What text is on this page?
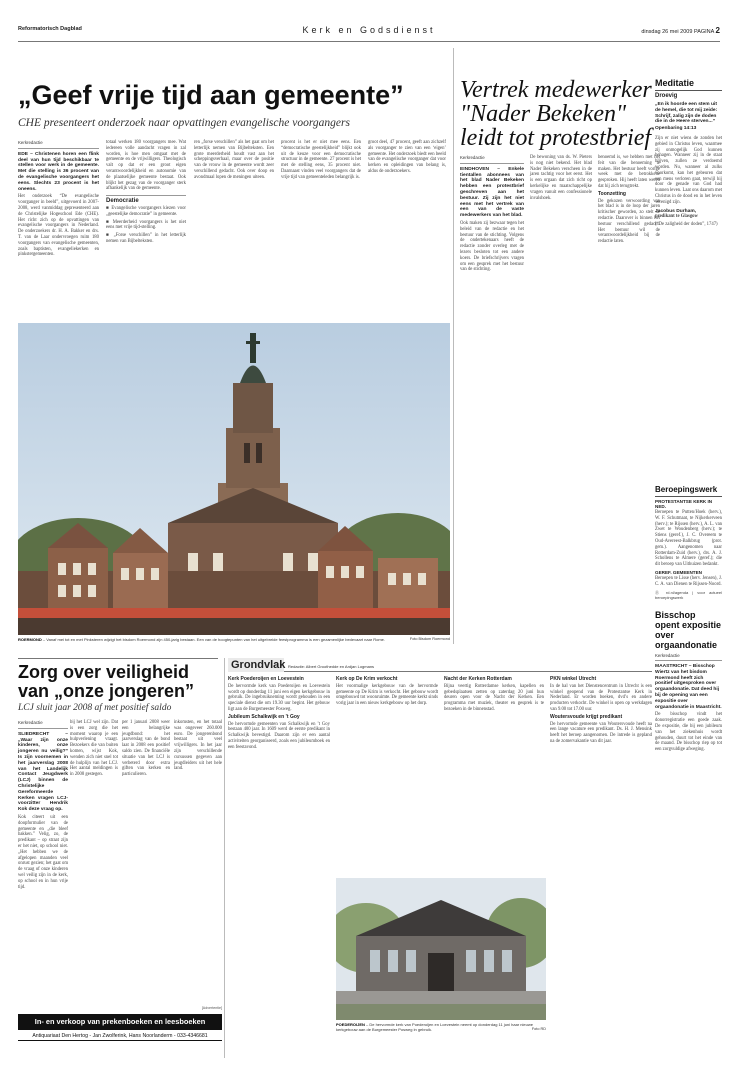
Reformatorisch Dagblad	Kerk en Godsdienst	dinsdag 26 mei 2009 PAGINA 2
„Geef vrije tijd aan gemeente”
CHE presenteert onderzoek naar opvattingen evangelische voorgangers
Kerkredactie

EDE – Christenen horen een flink deel van hun tijd beschikbaar te stellen voor werk in de gemeente. Met die stelling is 36 procent van de evangelische voorgangers het eens. Slechts 23 procent is het oneens.

Het onderzoek “De evangelische voorganger in beeld”, uitgevoerd in 2007-2008, werd vanmiddag gepresenteerd aan de Christelijke Hogeschool Ede (CHE). Het richt zich op de opvattingen van evangelische voorgangers in Nederland. De onderzoekers dr. H. A. Bakker en drs. T. van de Laar ondervroegen ruim 180 voorgangers van evangelische gemeenten, zoals baptisten, evangeliekerken en pinkstergemeenten.

totaal werken 180 voorgangers mee. Wat iedereen volle aandacht vragen in zal worden, is hoe men omgaat met de gemeente en de vrijwilligers. Theologisch valt op dat er een groot eigen verantwoordelijkheid en autonomie van de plaatselijke gemeente bestaat. Ook blijkt het gezag van de voorganger sterk afhankelijk van de gemeente.

Democratie

■ Evangelische voorgangers kiezen voor „geestelijke democratie” in gemeente.

■ Meerderheid voorgangers is het niet eens met vrije tijd-stelling.

■ „Forse verschillen” in het letterlijk nemen van Bijbelteksten.

ren „forse verschillen” als het gaat om het letterlijk nemen van Bijbelteksten. Een grote meerderheid houdt vast aan het scheppingsverhaal, maar over de positie van de vrouw in de gemeente wordt zeer verschillend gedacht. Ook over doop en avondmaal lopen de meningen uiteen.

procent is het er niet mee eens. Een “democratische geestelijkheid” blijkt ook uit de keuze voor een democratische structuur in de gemeente. 27 procent is het met de stelling eens, 35 procent niet. Daarnaast vinden veel voorgangers dat de vrije tijd van gemeenteleden belangrijk is.

groot deel, 47 procent, geeft aan zichzelf als voorganger te zien van een ‘eigen’ gemeente. Het onderzoek biedt een beeld van de evangelische voorganger dat voor kerken en opleidingen van belang is, aldus de onderzoekers.

ROERMOND – Vanaf mei tot en met Pinksteren wijzigt het bisdom Roermond zijn 450-jarig bestaan. Een van de hoogtepunten van het uitgebreide feestprogramma is een gezamenlijke bedevaart naar Rome.	Foto Bisdom Roermond
Vertrek medewerker "Nader Bekeken" leidt tot protestbrief
Kerkredactie

EINDHOVEN – Enkele tientallen abonnees van het blad Nader Bekeken hebben een protestbrief geschreven aan het bestuur. Zij zijn het niet eens met het vertrek van een van de vaste medewerkers van het blad.

Ook maken zij bezwaar tegen het beleid van de redactie en het bestuur van de stichting. Volgens de ondertekenaars heeft de redactie zonder overleg met de lezers besloten tot een andere koers. De briefschrijvers vragen om een gesprek met het bestuur van de stichting.

De bewoning van ds. W. Pieters is nog niet bekend. Het blad Nader Bekeken verscheen in de jaren tachtig voor het eerst. Het is een orgaan dat zich richt op kerkelijke en maatschappelijke vragen vanuit een confessionele invalshoek.

benoemd is, we hebben met het feit van die benoeming te maken. Het bestuur heeft vorige week met de betrokkene gesproken. Hij heeft laten weten dat hij zich terugtrekt.

Toonzetting

De gekozen verwoording van het blad is in de loop der jaren kritischer geworden, zo stelt de redactie. Daarover is binnen het bestuur verschillend gedacht. Het bestuur wil de verantwoordelijkheid bij de redactie laten.

Meditatie
Droevig

„En ik hoorde een stem uit de hemel, die tot mij zeide: Schrijf, zalig zijn de doden die in de Heere sterven...”

Openbaring 14:13

Zijn er niet wiens de zonden het gebied in Christus leven, waarmee zij onmogelijk God kunnen behagen. Wanneer zij in de staat blijven, zullen ze verdoemd worden. Nu, wanneer al zulks voorkomt, kan het gebeuren dat een mens verloren gaat, terwijl hij door de genade van God had kunnen leven. Laat ons daarom met Christus in de dood en in het leven verenigd zijn.

Jacobus Durham,

predikant te Glasgow

(“De zaligheid der doden”, 1747)

Beroepingswerk
PROTESTANTSE KERK IN NED.

Beroepen te Putten/Hoek (herv.), W. F. Schutmaat, te Nijkerkerveen (herv.); te Rijssen (herv.), A. L. van Zwet te Woudenberg (herv.); te Stiens (geref.), J. C. Overeem te Oud-Avereest-Balkbrug (prot. gem.). Aangenomen naar Rotterdam-Zuid (herv.), drs. A. J. Schollens te Almere (geref.); die dit beroep van Uithuizen bedankt.

GEREF. GEMEENTEN

Beroepen te Lisse (herv. Jensen), J. C. A. van Dienen te Rijssen-Noord.

Ⓡ rd.nl/agenda | voor actueel beroepingswerk

Bisschop opent expositie over orgaandonatie
Kerkredactie

MAASTRICHT – Bisschop Wiertz van het bisdom Roermond heeft zich positief uitgesproken over orgaandonatie. Dat deed hij bij de opening van een expositie over orgaandonatie in Maastricht.

De bisschop vindt het donorregistratie een goede zaak. De expositie, die bij een jubileum van het ziekenhuis wordt gehouden, duurt tot het einde van de maand. De bisschop riep op tot een zorgvuldige afweging.

Zorg over veiligheid van „onze jongeren”
LCJ sluit jaar 2008 af met positief saldo
Kerkredactie

SLIEDRECHT – „Waar zijn onze kinderen, onze jongeren nu veilig?” Is zijn voornemen in het jaarverslag 2008 van het Landelijk Contact Jeugdwerk (LCJ) binnen de Christelijke Gereformeerde Kerken vragen LCJ-voorzitter Hendrik Kok deze vraag op.

Kok citeert uit een doopformulier van de gemeente en „die bleef bakken.” Velig, zo, de predikant – op straat zijn er het niet, op school niet. „Het hebben we de afgelopen maanden veel onrust gezien; het gaat om de vraag of onze kinderen wel veilig zijn in de kerk, op school en in hun vrije tijd.

bij het LCJ wel zijn. Dat is een zorg die het moment waarop je een hulpverlening vraagt. Bezoekers die van buiten komen, wijst Kok, wenden zich niet snel tot de hulplijn van het LCJ. Het aantal meldingen is in 2008 gestegen.

per 1 januari 2008 weer een belangrijke jeugdbond: het jaarverslag van de bond laat in 2008 een positief saldo zien. De financiële situatie van het LCJ is verbeterd door extra giften van kerken en particulieren.

inkomsten, en het totaal was ongeveer 260.000 euro. De jongerenbond bestaat uit veel vrijwilligers. In het jaar zijn verschillende cursussen gegeven aan jeugdleiders uit het hele land.

[Advertentie]
In- en verkoop van prekenboeken en leesboeken
Antiquariaat Den Hertog - Jan Zwolferink, Hans Noorlanderm - 033-4346681
Grondvlak Redactie: Albert Groothedde en Ardjan Logmans
Kerk Poederoijen en Loevestein

De hervormde kerk van Poederoijen en Loevestein wordt op donderdag 11 juni een eigen kerkgebouw in gebruik. De ingebruikneming wordt gehouden in een speciale dienst die om 19.30 uur begint. Het gebouw ligt aan de Burgemeester Posweg.

Jubileum Schalkwijk en ’t Goy

De hervormde gemeenten van Schalkwijk en ’t Goy bestaan 400 jaar. In 1609 werd de eerste predikant in Schalkwijk bevestigd. Daarom zijn er een aantal activiteiten georganiseerd, zoals een jubileumboek en een feestavond.

Kerk op De Krim verkocht

Het voormalige kerkgebouw van de hervormde gemeente op De Krim is verkocht. Het gebouw wordt omgebouwd tot woonruimte. De gemeente kerkt sinds vorig jaar in een nieuw kerkgebouw op het dorp.

Nacht der Kerken Rotterdam

Bijna veertig Rotterdamse kerken, kapellen en gebedsplaatsen zetten op zaterdag 20 juni hun deuren open voor de Nacht der Kerken. Een programma met muziek, theater en gesprek is te bezoeken in de binnenstad.

PKN winkel Utrecht

In de hal van het Dienstencentrum in Utrecht is een winkel geopend van de Protestantse Kerk in Nederland. Er worden boeken, dvd’s en andere producten verkocht. De winkel is open op werkdagen van 9.00 tot 17.00 uur.

Woutersvoude krijgt predikant

De hervormde gemeente van Woutersvoude heeft na een lange vacature een predikant. Ds. H. J. Mensink heeft het beroep aangenomen. De intrede is gepland na de zomervakantie van dit jaar.

POEDEROIJEN – De hervormde kerk van Poederoijen en Loevestein neemt op donderdag 11 juni haar nieuwe kerkgebouw aan de Burgemeester Posweg in gebruik.	Foto RD
